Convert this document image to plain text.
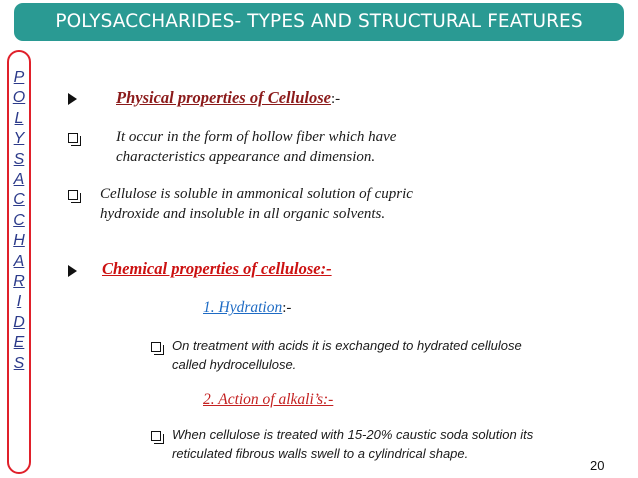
POLYSACCHARIDES- TYPES AND STRUCTURAL FEATURES
P
O
L
Y
S
A
C
C
H
A
R
I
D
E
S
Physical properties of Cellulose:-
It occur in the form of hollow fiber which have
characteristics appearance and dimension.
Cellulose is soluble in ammonical solution of cupric
hydroxide and insoluble in all organic solvents.
Chemical properties of cellulose:-
1. Hydration:-
On treatment with acids it is exchanged to hydrated cellulose
called hydrocellulose.
2. Action of alkali’s:-
When cellulose is treated with 15-20% caustic soda solution its
reticulated fibrous walls swell to a cylindrical shape.
20
